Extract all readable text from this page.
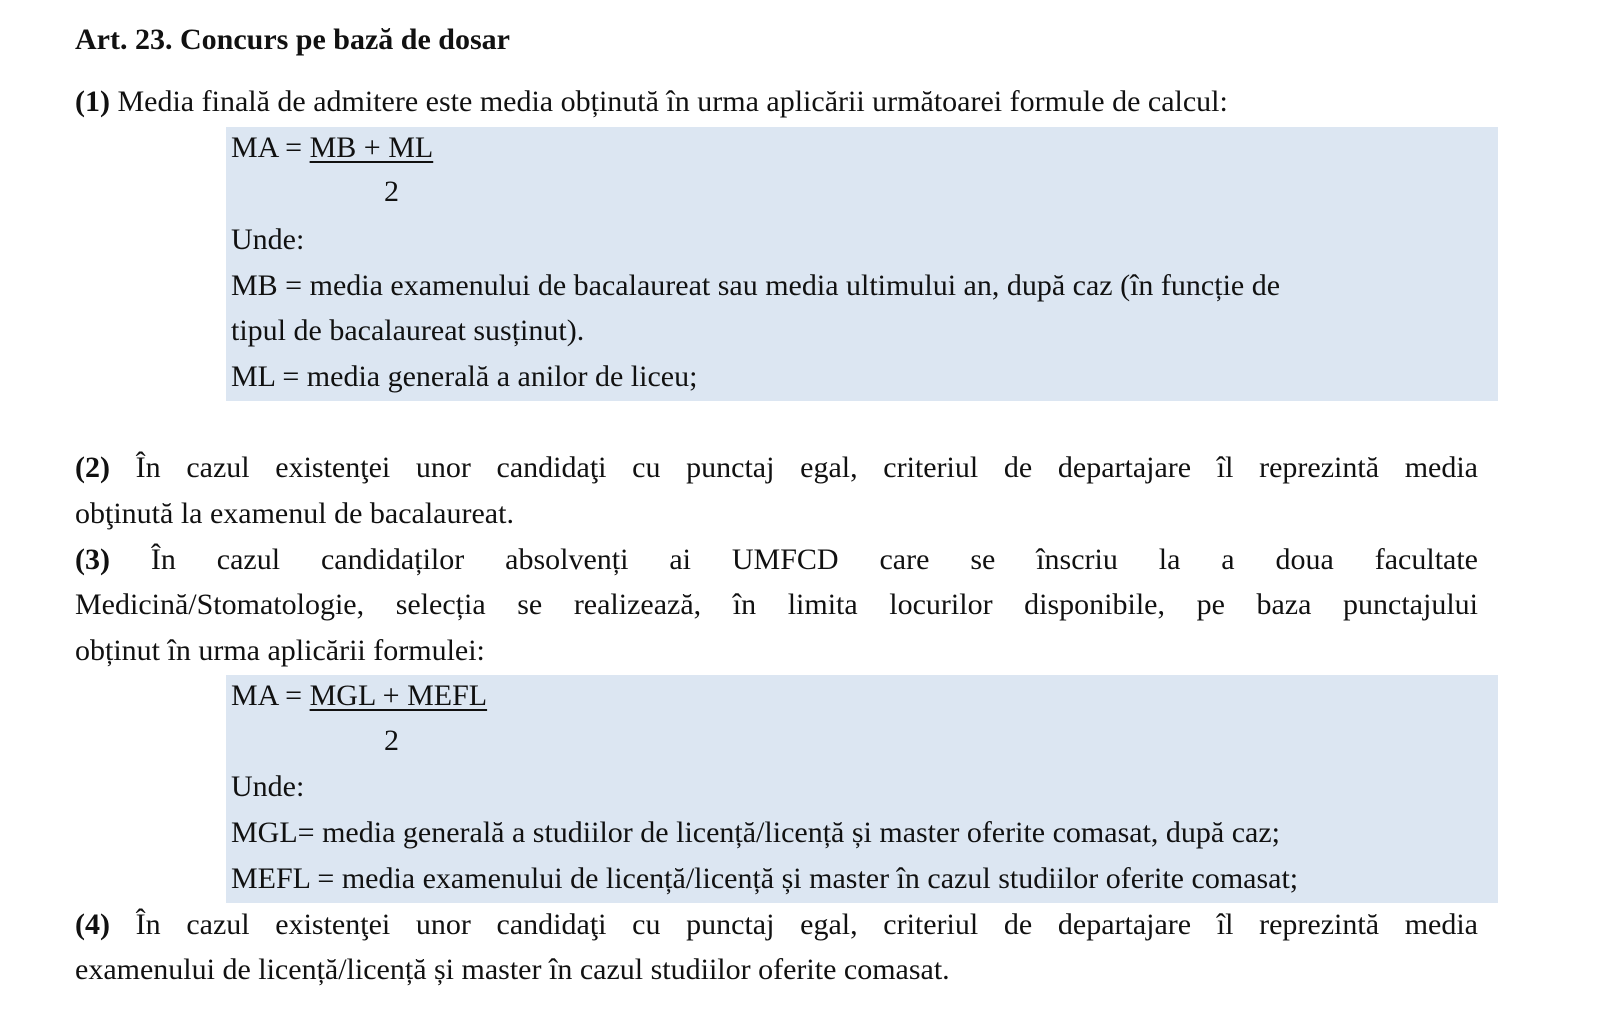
Art. 23. Concurs pe bază de dosar
(1) Media finală de admitere este media obținută în urma aplicării următoarei formule de calcul:
MA = MB + ML
2
Unde:
MB = media examenului de bacalaureat sau media ultimului an, după caz (în funcție de
tipul de bacalaureat susținut).
ML = media generală a anilor de liceu;
(2) În cazul existenţei unor candidaţi cu punctaj egal, criteriul de departajare îl reprezintă media
obţinută la examenul de bacalaureat.
(3) În cazul candidaților absolvenți ai UMFCD care se înscriu la a doua facultate
Medicină/Stomatologie, selecția se realizează, în limita locurilor disponibile, pe baza punctajului
obținut în urma aplicării formulei:
MA = MGL + MEFL
2
Unde:
MGL= media generală a studiilor de licență/licență și master oferite comasat, după caz;
MEFL = media examenului de licență/licență și master în cazul studiilor oferite comasat;
(4) În cazul existenţei unor candidaţi cu punctaj egal, criteriul de departajare îl reprezintă media
examenului de licență/licență și master în cazul studiilor oferite comasat.
